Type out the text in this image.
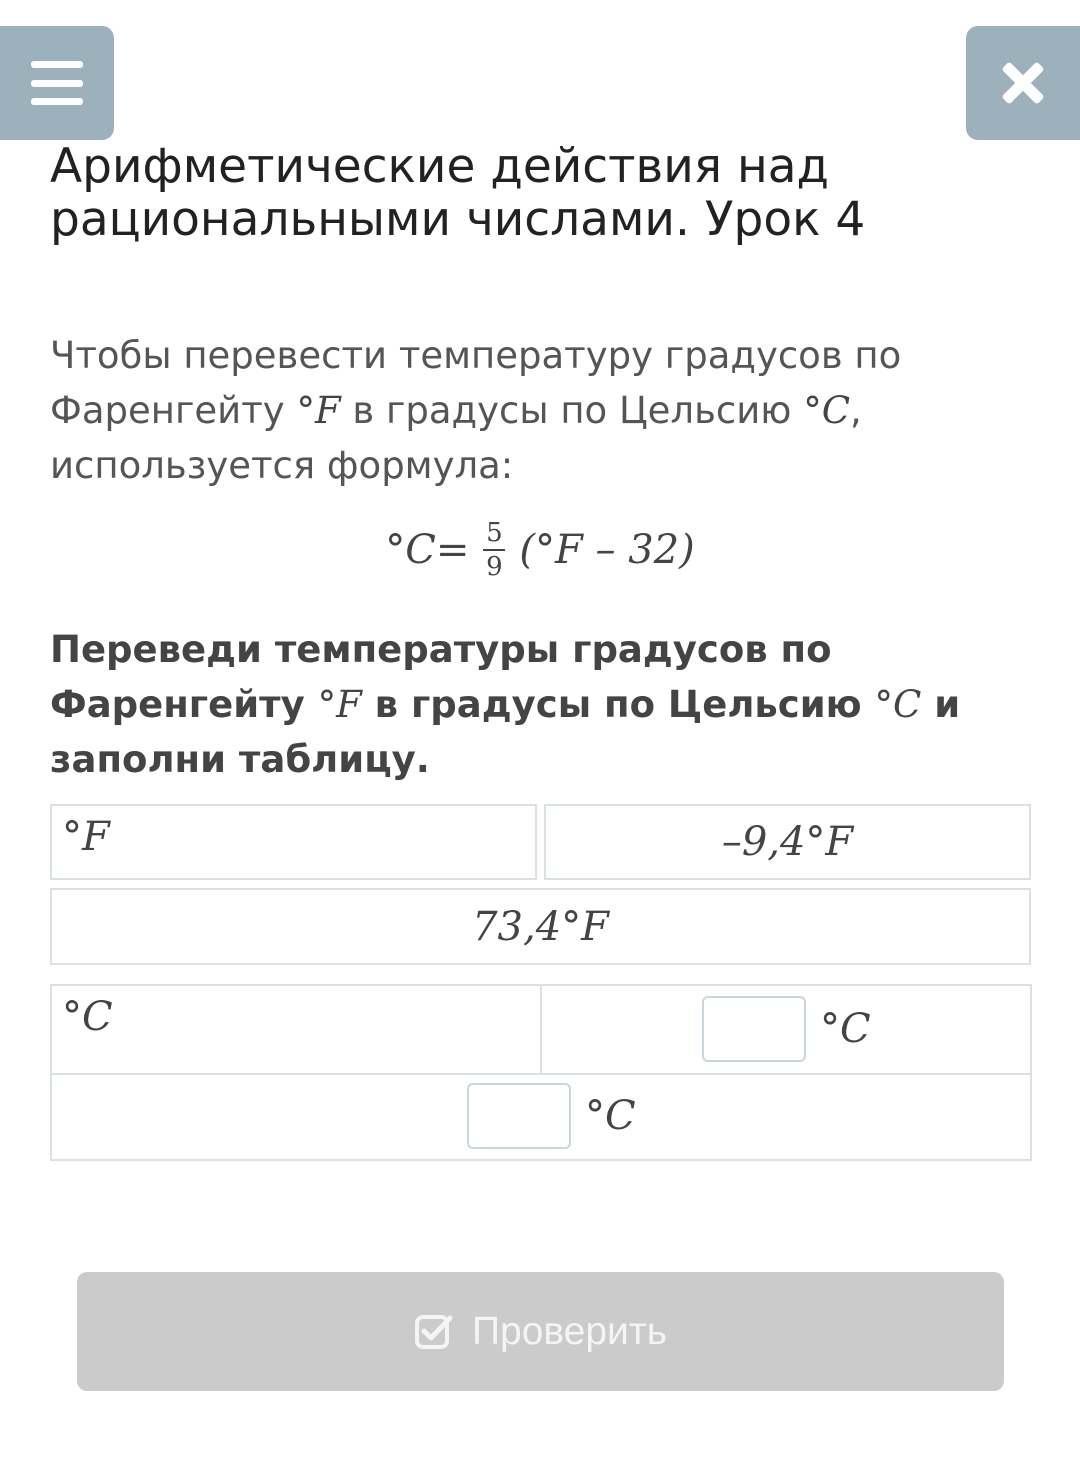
Арифметические действия над рациональными числами. Урок 4

Чтобы перевести температуру градусов по Фаренгейту °F в градусы по Цельсию °C, используется формула:

$^\circ C = \frac{5}{9} (^\circ F - 32)$

Переведи температуры градусов по Фаренгейту °F в градусы по Цельсию °C и заполни таблицу.

°F	–9,4°F
73,4°F
°C	°C
°C
Проверить
